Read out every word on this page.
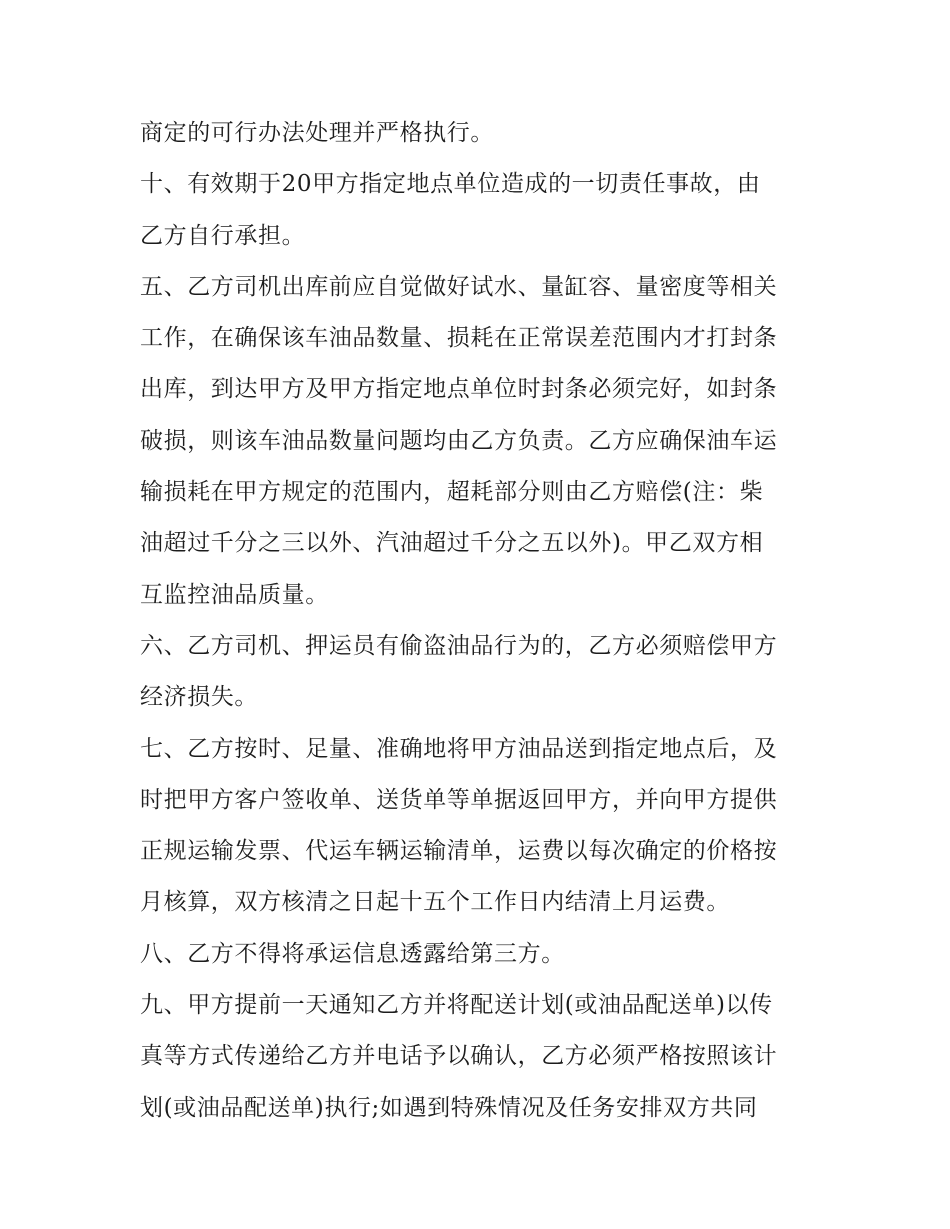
商定的可行办法处理并严格执行。
十、有效期于20甲方指定地点单位造成的一切责任事故，由
乙方自行承担。
五、乙方司机出库前应自觉做好试水、量缸容、量密度等相关
工作，在确保该车油品数量、损耗在正常误差范围内才打封条
出库，到达甲方及甲方指定地点单位时封条必须完好，如封条
破损，则该车油品数量问题均由乙方负责。乙方应确保油车运
输损耗在甲方规定的范围内，超耗部分则由乙方赔偿(注：柴
油超过千分之三以外、汽油超过千分之五以外)。甲乙双方相
互监控油品质量。
六、乙方司机、押运员有偷盗油品行为的，乙方必须赔偿甲方
经济损失。
七、乙方按时、足量、准确地将甲方油品送到指定地点后，及
时把甲方客户签收单、送货单等单据返回甲方，并向甲方提供
正规运输发票、代运车辆运输清单，运费以每次确定的价格按
月核算，双方核清之日起十五个工作日内结清上月运费。
八、乙方不得将承运信息透露给第三方。
九、甲方提前一天通知乙方并将配送计划(或油品配送单)以传
真等方式传递给乙方并电话予以确认，乙方必须严格按照该计
划(或油品配送单)执行;如遇到特殊情况及任务安排双方共同
